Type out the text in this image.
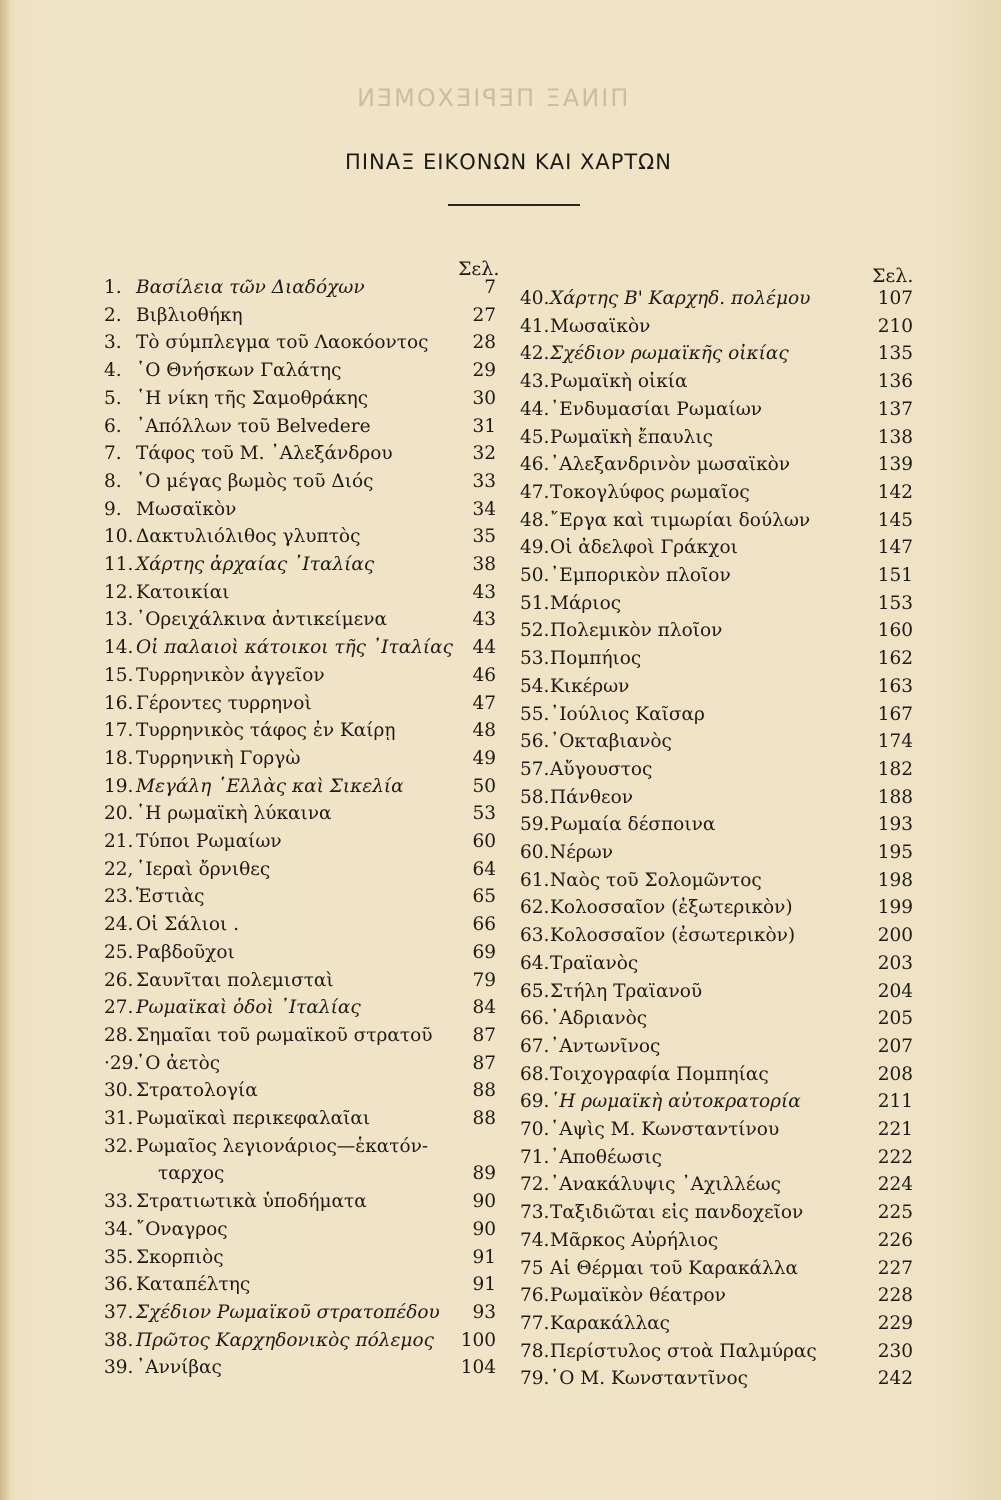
ΠΙΝΑΞ ΠΕΡΙΕΧΟΜΕΝ
ΠΙΝΑΞ ΕΙΚΟΝΩΝ ΚΑΙ ΧΑΡΤΩΝ
Σελ.	Σελ.
1. Βασίλεια τῶν Διαδόχων	7
2. Βιβλιοθήκη	27
3. Τὸ σύμπλεγμα τοῦ Λαοκόοντος 28
4. ῾Ο Θνήσκων Γαλάτης	29
5. ῾Η νίκη τῆς Σαμοθράκης	30
6. ᾿Απόλλων τοῦ Belvedere	31
7. Τάφος τοῦ Μ. ᾿Αλεξάνδρου	32
8. ῾Ο μέγας βωμὸς τοῦ Διός	33
9. Μωσαϊκὸν	34
10. Δακτυλιόλιθος γλυπτὸς	35
11. Χάρτης ἀρχαίας ᾿Ιταλίας	38
12. Κατοικίαι	43
13. ᾿Ορειχάλκινα ἀντικείμενα	43
14. Οἱ παλαιοὶ κάτοικοι τῆς ᾿Ιταλίας 44
15. Τυρρηνικὸν ἀγγεῖον	46
16. Γέροντες τυρρηνοὶ	47
17. Τυρρηνικὸς τάφος ἐν Καίρῃ	48
18. Τυρρηνικὴ Γοργὼ	49
19. Μεγάλη ῾Ελλὰς καὶ Σικελία	50
20. ῾Η ρωμαϊκὴ λύκαινα	53
21. Τύποι Ρωμαίων	60
22, ῾Ιεραὶ ὄρνιθες	64
23. Ἑστιὰς	65
24. Οἱ Σάλιοι .	66
25. Ραβδοῦχοι	69
26. Σαυνῖται πολεμισταὶ	79
27. Ρωμαϊκαὶ ὁδοὶ ᾿Ιταλίας	84
28. Σημαῖαι τοῦ ρωμαϊκοῦ στρατοῦ 87
·29.
῾Ο ἀετὸς	87
30. Στρατολογία	88
31. Ρωμαϊκαὶ περικεφαλαῖαι	88
32. Ρωμαῖος λεγιονάριος—ἑκατόν-
ταρχος	89
33. Στρατιωτικὰ ὑποδήματα	90
34. ῎Οναγρος	90
35. Σκορπιὸς	91
36. Καταπέλτης	91
37. Σχέδιον Ρωμαϊκοῦ στρατοπέδου 93
38. Πρῶτος Καρχηδονικὸς πόλεμος 100
39. ᾿Αννίβας	104
40. Χάρτης Β' Καρχηδ. πολέμου	107
41. Μωσαϊκὸν	210
42. Σχέδιον ρωμαϊκῆς οἰκίας	135
43. Ρωμαϊκὴ οἰκία	136
44. ᾿Ενδυμασίαι Ρωμαίων	137
45. Ρωμαϊκὴ ἔπαυλις	138
46. ᾿Αλεξανδρινὸν μωσαϊκὸν	139
47. Τοκογλύφος ρωμαῖος	142
48. ῎Εργα καὶ τιμωρίαι δούλων	145
49. Οἱ ἀδελφοὶ Γράκχοι	147
50. ᾿Εμπορικὸν πλοῖον	151
51. Μάριος	153
52. Πολεμικὸν πλοῖον	160
53. Πομπήιος	162
54. Κικέρων	163
55. ᾿Ιούλιος Καῖσαρ	167
56. ᾿Οκταβιανὸς	174
57. Αὔγουστος	182
58. Πάνθεον	188
59. Ρωμαία δέσποινα	193
60. Νέρων	195
61. Ναὸς τοῦ Σολομῶντος	198
62. Κολοσσαῖον (ἐξωτερικὸν)	199
63. Κολοσσαῖον (ἐσωτερικὸν)	200
64. Τραϊανὸς	203
65. Στήλη Τραϊανοῦ	204
66. ᾿Αδριανὸς	205
67. ᾿Αντωνῖνος	207
68. Τοιχογραφία Πομπηίας	208
69. ῾Η ρωμαϊκὴ αὐτοκρατορία	211
70. ῾Αψὶς Μ. Κωνσταντίνου	221
71. ᾿Αποθέωσις	222
72. ᾿Ανακάλυψις ᾿Αχιλλέως	224
73. Ταξιδιῶται εἰς πανδοχεῖον	225
74. Μᾶρκος Αὐρήλιος	226
75 Αἱ Θέρμαι τοῦ Καρακάλλα	227
76. Ρωμαϊκὸν θέατρον	228
77. Καρακάλλας	229
78. Περίστυλος στοὰ Παλμύρας	230
79. ῾Ο Μ. Κωνσταντῖνος	242
